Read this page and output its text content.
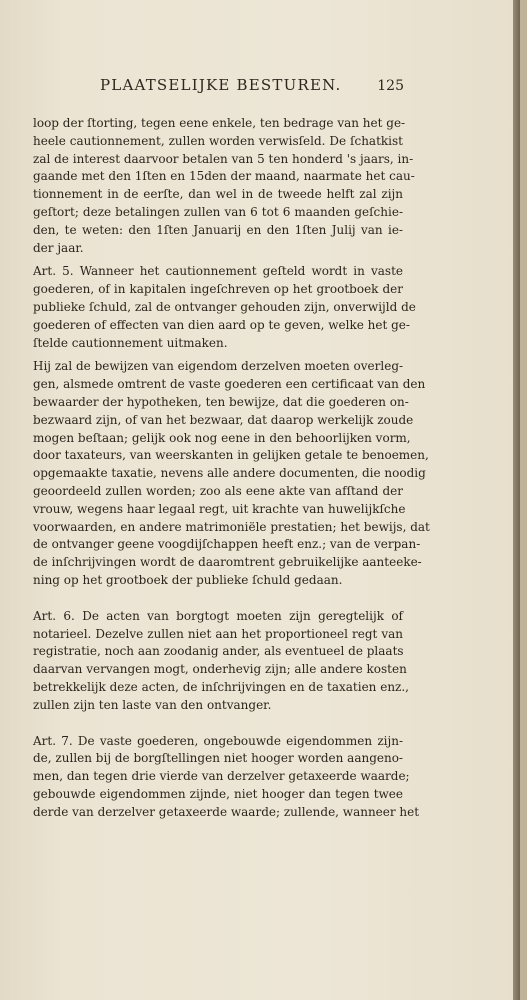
PLAATSELIJKE BESTUREN.	125
loop der ſtorting, tegen eene enkele, ten bedrage van het ge-
heele cautionnement, zullen worden verwisſeld. De ſchatkist
zal de interest daarvoor betalen van 5 ten honderd 's jaars, in-
gaande met den 1ſten en 15den der maand, naarmate het cau-
tionnement in de eerſte, dan wel in de tweede helft zal zijn
geſtort; deze betalingen zullen van 6 tot 6 maanden geſchie-
den, te weten: den 1ſten Januarij en den 1ſten Julij van ie-
der jaar.
Art. 5. Wanneer het cautionnement geſteld wordt in vaste
goederen, of in kapitalen ingeſchreven op het grootboek der
publieke ſchuld, zal de ontvanger gehouden zijn, onverwijld de
goederen of effecten van dien aard op te geven, welke het ge-
ſtelde cautionnement uitmaken.
Hij zal de bewijzen van eigendom derzelven moeten overleg-
gen, alsmede omtrent de vaste goederen een certificaat van den
bewaarder der hypotheken, ten bewijze, dat die goederen on-
bezwaard zijn, of van het bezwaar, dat daarop werkelijk zoude
mogen beſtaan; gelijk ook nog eene in den behoorlijken vorm,
door taxateurs, van weerskanten in gelijken getale te benoemen,
opgemaakte taxatie, nevens alle andere documenten, die noodig
geoordeeld zullen worden; zoo als eene akte van afſtand der
vrouw, wegens haar legaal regt, uit krachte van huwelijkſche
voorwaarden, en andere matrimoniële prestatien; het bewijs, dat
de ontvanger geene voogdijſchappen heeft enz.; van de verpan-
de inſchrijvingen wordt de daaromtrent gebruikelijke aanteeke-
ning op het grootboek der publieke ſchuld gedaan.
Art. 6. De acten van borgtogt moeten zijn geregtelijk of
notarieel. Dezelve zullen niet aan het proportioneel regt van
registratie, noch aan zoodanig ander, als eventueel de plaats
daarvan vervangen mogt, onderhevig zijn; alle andere kosten
betrekkelijk deze acten, de inſchrijvingen en de taxatien enz.,
zullen zijn ten laste van den ontvanger.
Art. 7. De vaste goederen, ongebouwde eigendommen zijn-
de, zullen bij de borgſtellingen niet hooger worden aangeno-
men, dan tegen drie vierde van derzelver getaxeerde waarde;
gebouwde eigendommen zijnde, niet hooger dan tegen twee
derde van derzelver getaxeerde waarde; zullende, wanneer het
